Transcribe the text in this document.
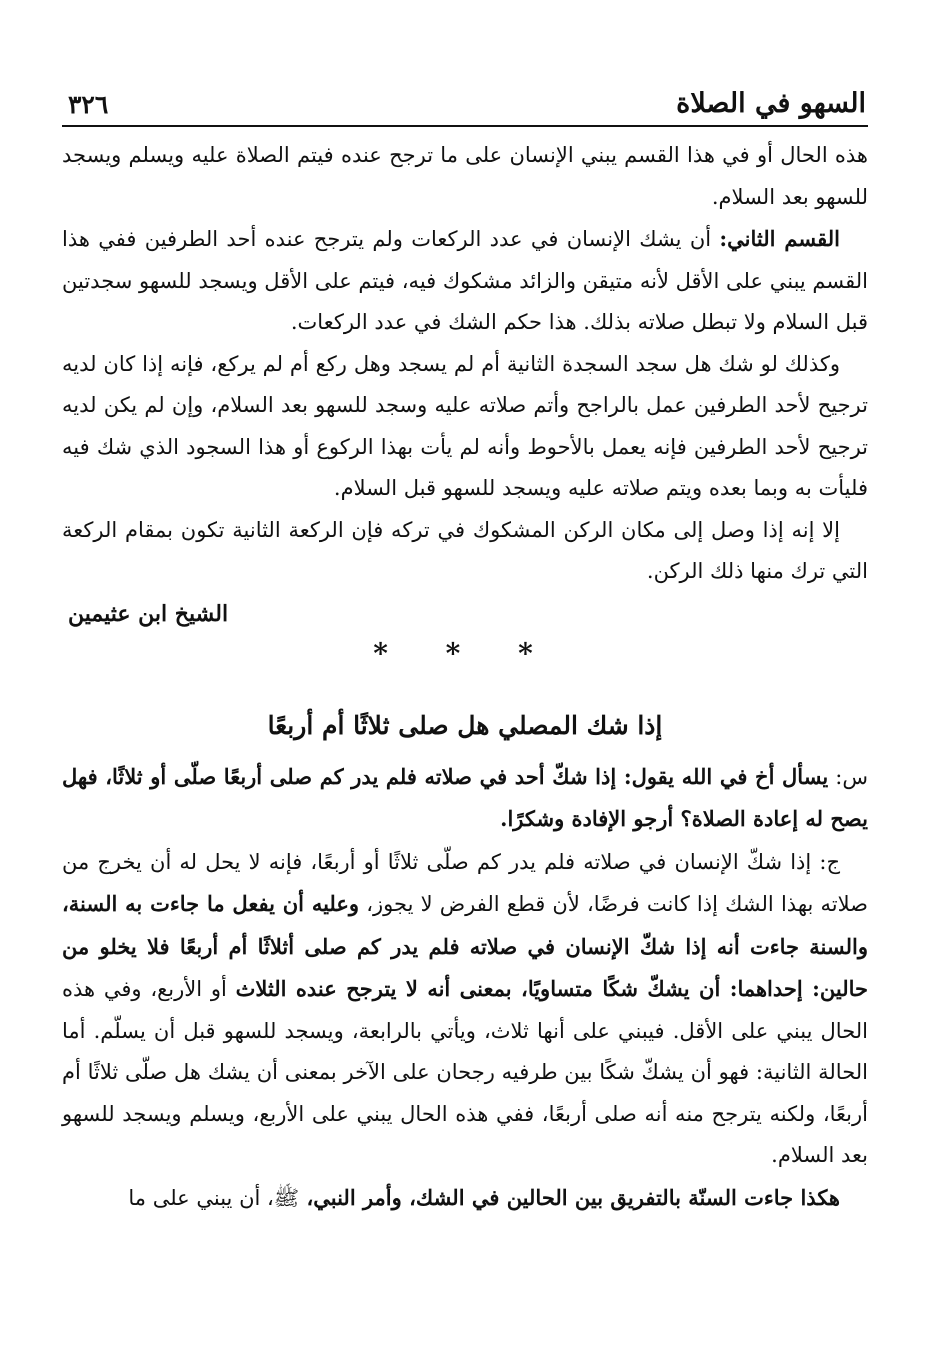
السهو في الصلاة
٣٢٦

هذه الحال أو في هذا القسم يبني الإنسان على ما ترجح عنده فيتم الصلاة عليه ويسلم ويسجد للسهو بعد السلام.

القسم الثاني: أن يشك الإنسان في عدد الركعات ولم يترجح عنده أحد الطرفين ففي هذا القسم يبني على الأقل لأنه متيقن والزائد مشكوك فيه، فيتم على الأقل ويسجد للسهو سجدتين قبل السلام ولا تبطل صلاته بذلك. هذا حكم الشك في عدد الركعات.

وكذلك لو شك هل سجد السجدة الثانية أم لم يسجد وهل ركع أم لم يركع، فإنه إذا كان لديه ترجيح لأحد الطرفين عمل بالراجح وأتم صلاته عليه وسجد للسهو بعد السلام، وإن لم يكن لديه ترجيح لأحد الطرفين فإنه يعمل بالأحوط وأنه لم يأت بهذا الركوع أو هذا السجود الذي شك فيه فليأت به وبما بعده ويتم صلاته عليه ويسجد للسهو قبل السلام.

إلا إنه إذا وصل إلى مكان الركن المشكوك في تركه فإن الركعة الثانية تكون بمقام الركعة التي ترك منها ذلك الركن.

الشيخ ابن عثيمين

* * *

إذا شك المصلي هل صلى ثلاثًا أم أربعًا

س: يسأل أخ في الله يقول: إذا شكّ أحد في صلاته فلم يدر كم صلى أربعًا صلّى أو ثلاثًا، فهل يصح له إعادة الصلاة؟ أرجو الإفادة وشكرًا.

ج: إذا شكّ الإنسان في صلاته فلم يدر كم صلّى ثلاثًا أو أربعًا، فإنه لا يحل له أن يخرج من صلاته بهذا الشك إذا كانت فرضًا، لأن قطع الفرض لا يجوز، وعليه أن يفعل ما جاءت به السنة، والسنة جاءت أنه إذا شكّ الإنسان في صلاته فلم يدر كم صلى أثلاثًا أم أربعًا فلا يخلو من حالين: إحداهما: أن يشكّ شكًا متساويًا، بمعنى أنه لا يترجح عنده الثلاث أو الأربع، وفي هذه الحال يبني على الأقل. فيبني على أنها ثلاث، ويأتي بالرابعة، ويسجد للسهو قبل أن يسلّم. أما الحالة الثانية: فهو أن يشكّ شكًا بين طرفيه رجحان على الآخر بمعنى أن يشك هل صلّى ثلاثًا أم أربعًا، ولكنه يترجح منه أنه صلى أربعًا، ففي هذه الحال يبني على الأربع، ويسلم ويسجد للسهو بعد السلام.

هكذا جاءت السنّة بالتفريق بين الحالين في الشك، وأمر النبي، ﷺ، أن يبني على ما
